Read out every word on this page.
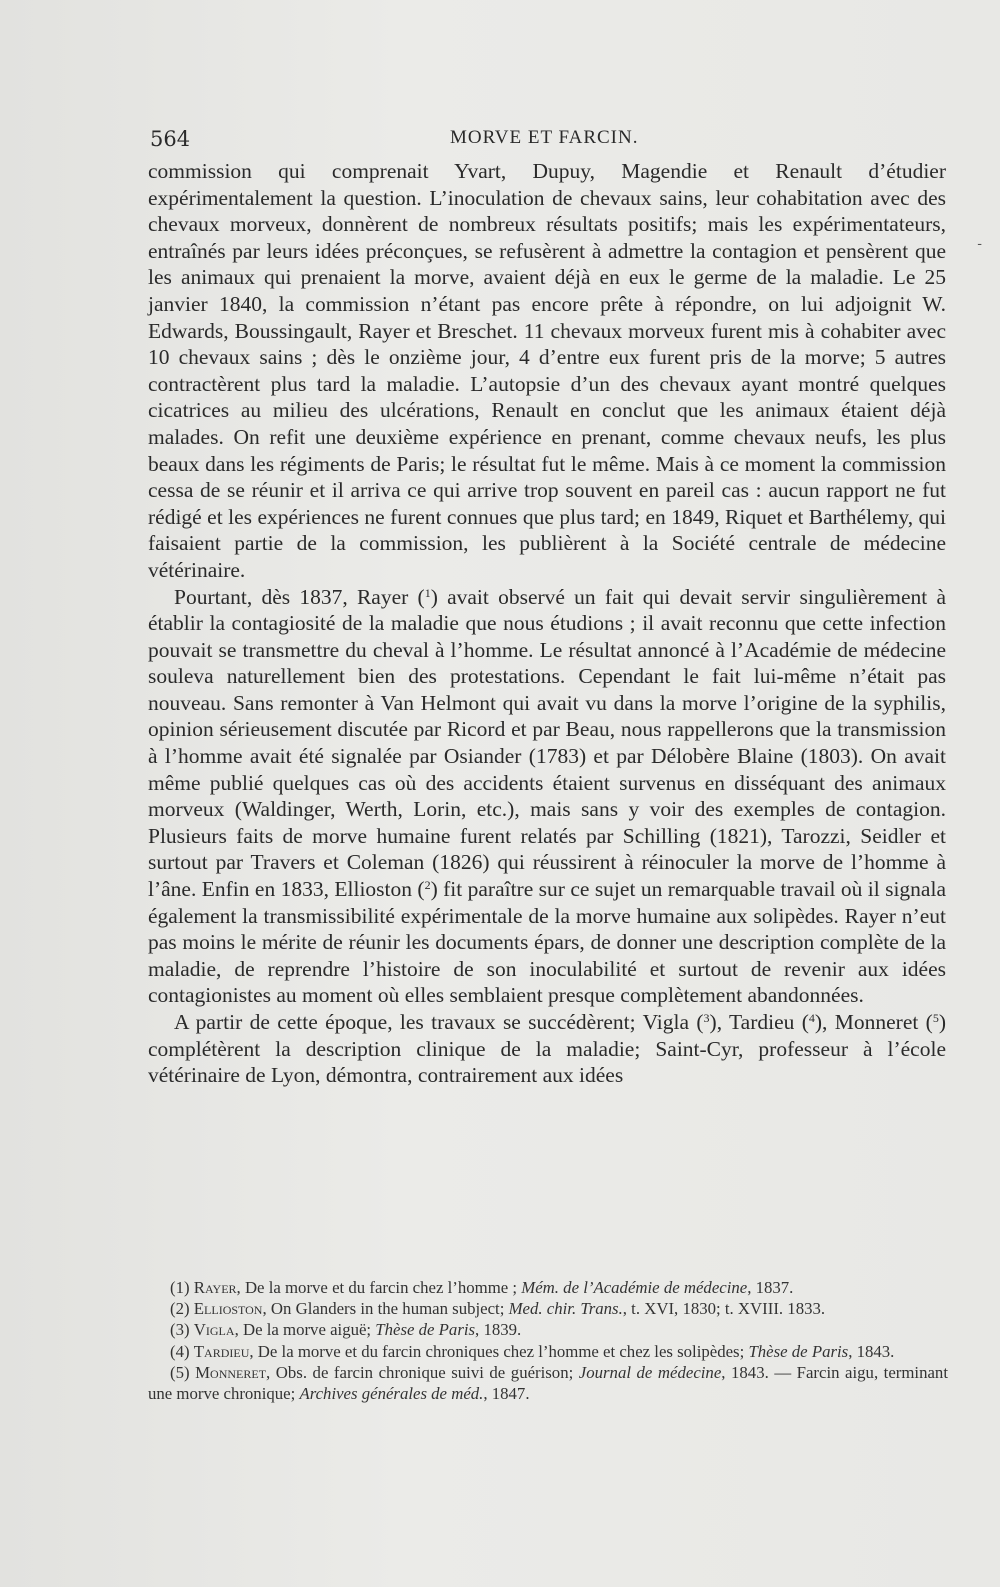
564	MORVE ET FARCIN.
-

commission qui comprenait Yvart, Dupuy, Magendie et Renault d’étudier expérimentalement la question. L’inoculation de chevaux sains, leur cohabitation avec des chevaux morveux, donnèrent de nombreux résultats positifs; mais les expérimentateurs, entraînés par leurs idées préconçues, se refusèrent à admettre la contagion et pensèrent que les animaux qui prenaient la morve, avaient déjà en eux le germe de la maladie. Le 25 janvier 1840, la commission n’étant pas encore prête à répondre, on lui adjoignit W. Edwards, Boussingault, Rayer et Breschet. 11 chevaux morveux furent mis à cohabiter avec 10 chevaux sains ; dès le onzième jour, 4 d’entre eux furent pris de la morve; 5 autres contractèrent plus tard la maladie. L’autopsie d’un des chevaux ayant montré quelques cicatrices au milieu des ulcérations, Renault en conclut que les animaux étaient déjà malades. On refit une deuxième expérience en prenant, comme chevaux neufs, les plus beaux dans les régiments de Paris; le résultat fut le même. Mais à ce moment la commission cessa de se réunir et il arriva ce qui arrive trop souvent en pareil cas : aucun rapport ne fut rédigé et les expériences ne furent connues que plus tard; en 1849, Riquet et Barthélemy, qui faisaient partie de la commission, les publièrent à la Société centrale de médecine vétérinaire.

Pourtant, dès 1837, Rayer ($^1$) avait observé un fait qui devait servir singulièrement à établir la contagiosité de la maladie que nous étudions ; il avait reconnu que cette infection pouvait se transmettre du cheval à l’homme. Le résultat annoncé à l’Académie de médecine souleva naturellement bien des protestations. Cependant le fait lui-même n’était pas nouveau. Sans remonter à Van Helmont qui avait vu dans la morve l’origine de la syphilis, opinion sérieusement discutée par Ricord et par Beau, nous rappellerons que la transmission à l’homme avait été signalée par Osiander (1783) et par Délobère Blaine (1803). On avait même publié quelques cas où des accidents étaient survenus en disséquant des animaux morveux (Waldinger, Werth, Lorin, etc.), mais sans y voir des exemples de contagion. Plusieurs faits de morve humaine furent relatés par Schilling (1821), Tarozzi, Seidler et surtout par Travers et Coleman (1826) qui réussirent à réinoculer la morve de l’homme à l’âne. Enfin en 1833, Ellioston ($^2$) fit paraître sur ce sujet un remarquable travail où il signala également la transmissibilité expérimentale de la morve humaine aux solipèdes. Rayer n’eut pas moins le mérite de réunir les documents épars, de donner une description complète de la maladie, de reprendre l’histoire de son inoculabilité et surtout de revenir aux idées contagionistes au moment où elles semblaient presque complètement abandonnées.

A partir de cette époque, les travaux se succédèrent; Vigla ($^3$), Tardieu ($^4$), Monneret ($^5$) complétèrent la description clinique de la maladie; Saint-Cyr, professeur à l’école vétérinaire de Lyon, démontra, contrairement aux idées

(1) Rayer, De la morve et du farcin chez l’homme ; Mém. de l’Académie de médecine, 1837.

(2) Ellioston, On Glanders in the human subject; Med. chir. Trans., t. XVI, 1830; t. XVIII. 1833.

(3) Vigla, De la morve aiguë; Thèse de Paris, 1839.

(4) Tardieu, De la morve et du farcin chroniques chez l’homme et chez les solipèdes; Thèse de Paris, 1843.

(5) Monneret, Obs. de farcin chronique suivi de guérison; Journal de médecine, 1843. — Farcin aigu, terminant une morve chronique; Archives générales de méd., 1847.
